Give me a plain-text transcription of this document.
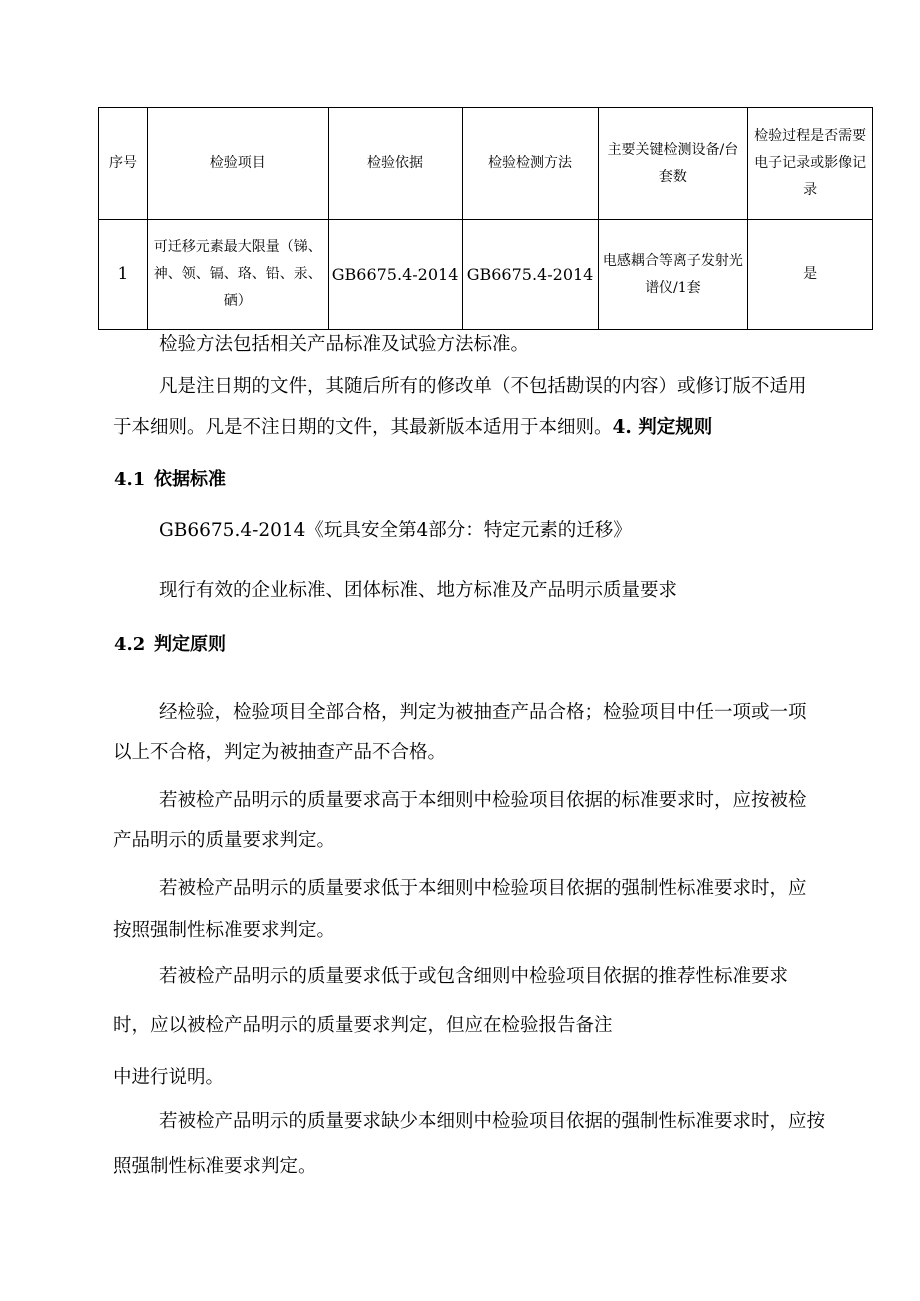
序号	检验项目	检验依据	检验检测方法	主要关键检测设备/台套数	检验过程是否需要电子记录或影像记录
1	可迁移元素最大限量（锑、神、领、镉、珞、铅、汞、硒）	GB6675.4-2014	GB6675.4-2014	电感耦合等离子发射光谱仪/1套	是

检验方法包括相关产品标准及试验方法标准。

凡是注日期的文件，其随后所有的修改单（不包括勘误的内容）或修订版不适用

于本细则。凡是不注日期的文件，其最新版本适用于本细则。4. 判定规则

4.1 依据标准

GB6675.4-2014《玩具安全第4部分：特定元素的迁移》

现行有效的企业标准、团体标准、地方标准及产品明示质量要求

4.2 判定原则

经检验，检验项目全部合格，判定为被抽查产品合格；检验项目中任一项或一项

以上不合格，判定为被抽查产品不合格。

若被检产品明示的质量要求高于本细则中检验项目依据的标准要求时，应按被检

产品明示的质量要求判定。

若被检产品明示的质量要求低于本细则中检验项目依据的强制性标准要求时，应

按照强制性标准要求判定。

若被检产品明示的质量要求低于或包含细则中检验项目依据的推荐性标准要求

时，应以被检产品明示的质量要求判定，但应在检验报告备注

中进行说明。

若被检产品明示的质量要求缺少本细则中检验项目依据的强制性标准要求时，应按

照强制性标准要求判定。
